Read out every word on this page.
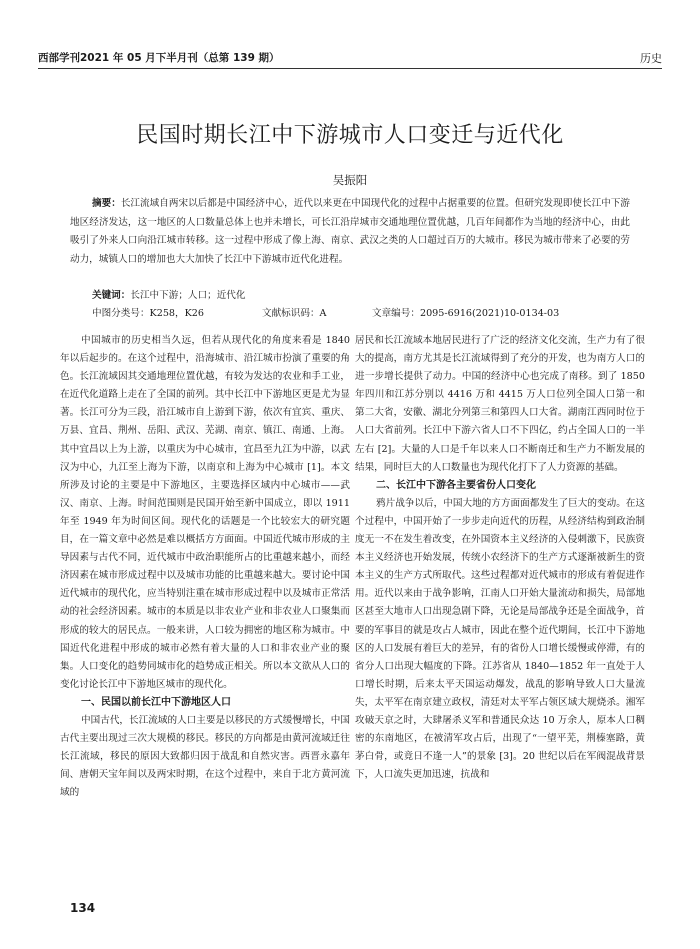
西部学刊2021 年 05 月下半月刊（总第 139 期）	历史
民国时期长江中下游城市人口变迁与近代化
吴振阳

摘要：长江流域自两宋以后都是中国经济中心，近代以来更在中国现代化的过程中占据重要的位置。但研究发现即使长江中下游地区经济发达，这一地区的人口数量总体上也并未增长，可长江沿岸城市交通地理位置优越，几百年间都作为当地的经济中心，由此吸引了外来人口向沿江城市转移。这一过程中形成了像上海、南京、武汉之类的人口超过百万的大城市。移民为城市带来了必要的劳动力，城镇人口的增加也大大加快了长江中下游城市近代化进程。

关键词：长江中下游；人口；近代化
中图分类号：K258，K26	文献标识码：A	文章编号：2095-6916(2021)10-0134-03

中国城市的历史相当久远，但若从现代化的角度来看是 1840 年以后起步的。在这个过程中，沿海城市、沿江城市扮演了重要的角色。长江流域因其交通地理位置优越，有较为发达的农业和手工业，在近代化道路上走在了全国的前列。其中长江中下游地区更是尤为显著。长江可分为三段，沿江城市自上游到下游，依次有宜宾、重庆、万县、宜昌、荆州、岳阳、武汉、芜湖、南京、镇江、南通、上海。其中宜昌以上为上游，以重庆为中心城市，宜昌至九江为中游，以武汉为中心，九江至上海为下游，以南京和上海为中心城市 [1]。本文所涉及讨论的主要是中下游地区，主要选择区域内中心城市——武汉、南京、上海。时间范围则是民国开始至新中国成立，即以 1911 年至 1949 年为时间区间。现代化的话题是一个比较宏大的研究题目，在一篇文章中必然是难以概括方方面面。中国近代城市形成的主导因素与古代不同，近代城市中政治职能所占的比重越来越小，而经济因素在城市形成过程中以及城市功能的比重越来越大。要讨论中国近代城市的现代化，应当特别注重在城市形成过程中以及城市正常活动的社会经济因素。城市的本质是以非农业产业和非农业人口聚集而形成的较大的居民点。一般来讲，人口较为拥密的地区称为城市。中国近代化进程中形成的城市必然有着大量的人口和非农业产业的聚集。人口变化的趋势同城市化的趋势成正相关。所以本文欲从人口的变化讨论长江中下游地区城市的现代化。

一、民国以前长江中下游地区人口

中国古代，长江流域的人口主要是以移民的方式缓慢增长，中国古代主要出现过三次大规模的移民。移民的方向都是由黄河流域迁往长江流域，移民的原因大致都归因于战乱和自然灾害。西晋永嘉年间、唐朝天宝年间以及两宋时期，在这个过程中，来自于北方黄河流域的

居民和长江流域本地居民进行了广泛的经济文化交流，生产力有了很大的提高，南方尤其是长江流域得到了充分的开发，也为南方人口的进一步增长提供了动力。中国的经济中心也完成了南移。到了 1850 年四川和江苏分别以 4416 万和 4415 万人口位列全国人口第一和第二大省，安徽、湖北分列第三和第四人口大省。湖南江西同时位于人口大省前列。长江中下游六省人口不下四亿，约占全国人口的一半左右 [2]。大量的人口是千年以来人口不断南迁和生产力不断发展的结果，同时巨大的人口数量也为现代化打下了人力资源的基础。

二、长江中下游各主要省份人口变化

鸦片战争以后，中国大地的方方面面都发生了巨大的变动。在这个过程中，中国开始了一步步走向近代的历程，从经济结构到政治制度无一不在发生着改变，在外国资本主义经济的入侵刺激下，民族资本主义经济也开始发展，传统小农经济下的生产方式逐渐被新生的资本主义的生产方式所取代。这些过程都对近代城市的形成有着促进作用。近代以来由于战争影响，江南人口开始大量流动和损失，局部地区甚至大地市人口出现急剧下降，无论是局部战争还是全面战争，首要的军事目的就是攻占人城市，因此在整个近代期间，长江中下游地区的人口发展有着巨大的差异，有的省份人口增长缓慢或停滞，有的省分人口出现大幅度的下降。江苏省从 1840—1852 年一直处于人口增长时期，后来太平天国运动爆发，战乱的影响导致人口大量流失，太平军在南京建立政权，清廷对太平军占领区域大规烧杀。湘军攻破天京之时，大肆屠杀义军和普通民众达 10 万余人，原本人口稠密的东南地区，在被清军攻占后，出现了“一望平芜，荆榛塞路，黄茅白骨，或竟日不逢一人”的景象 [3]。20 世纪以后在军阀混战背景下，人口流失更加迅速，抗战和

134
